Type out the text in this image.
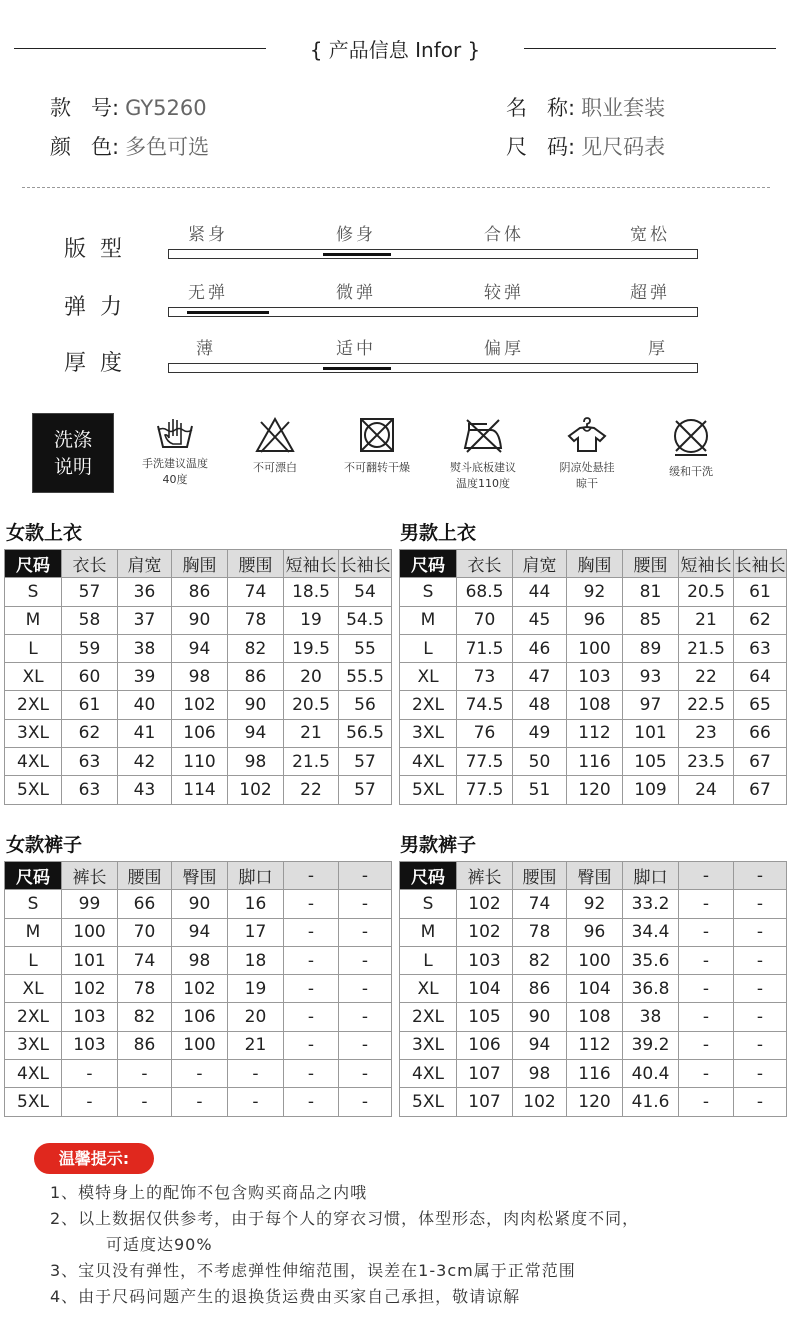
{ 产品信息 Infor }
款   号: GY5260	名   称: 职业套装
颜   色: 多色可选	尺   码: 见尺码表
版型
紧身	修身	合体	宽松
弹力
无弹	微弹	较弹	超弹
厚度
薄	适中	偏厚	厚
洗涤
说明	手洗建议温度
40度
不可漂白	不可翻转干燥	熨斗底板建议
温度110度
阴凉处悬挂
晾干
缓和干洗
女款上衣
尺码	衣长	肩宽	胸围	腰围	短袖长	长袖长
S	57	36	86	74	18.5	54
M	58	37	90	78	19	54.5
L	59	38	94	82	19.5	55
XL	60	39	98	86	20	55.5
2XL	61	40	102	90	20.5	56
3XL	62	41	106	94	21	56.5
4XL	63	42	110	98	21.5	57
5XL	63	43	114	102	22	57
男款上衣
尺码	衣长	肩宽	胸围	腰围	短袖长	长袖长
S	68.5	44	92	81	20.5	61
M	70	45	96	85	21	62
L	71.5	46	100	89	21.5	63
XL	73	47	103	93	22	64
2XL	74.5	48	108	97	22.5	65
3XL	76	49	112	101	23	66
4XL	77.5	50	116	105	23.5	67
5XL	77.5	51	120	109	24	67
女款裤子
尺码	裤长	腰围	臀围	脚口	-	-
S	99	66	90	16	-	-
M	100	70	94	17	-	-
L	101	74	98	18	-	-
XL	102	78	102	19	-	-
2XL	103	82	106	20	-	-
3XL	103	86	100	21	-	-
4XL	-	-	-	-	-	-
5XL	-	-	-	-	-	-
男款裤子
尺码	裤长	腰围	臀围	脚口	-	-
S	102	74	92	33.2	-	-
M	102	78	96	34.4	-	-
L	103	82	100	35.6	-	-
XL	104	86	104	36.8	-	-
2XL	105	90	108	38	-	-
3XL	106	94	112	39.2	-	-
4XL	107	98	116	40.4	-	-
5XL	107	102	120	41.6	-	-
温馨提示:
1、模特身上的配饰不包含购买商品之内哦
2、以上数据仅供参考，由于每个人的穿衣习惯，体型形态，肉肉松紧度不同，
可适度达90%
3、宝贝没有弹性，不考虑弹性伸缩范围，误差在1-3cm属于正常范围
4、由于尺码问题产生的退换货运费由买家自己承担，敬请谅解
